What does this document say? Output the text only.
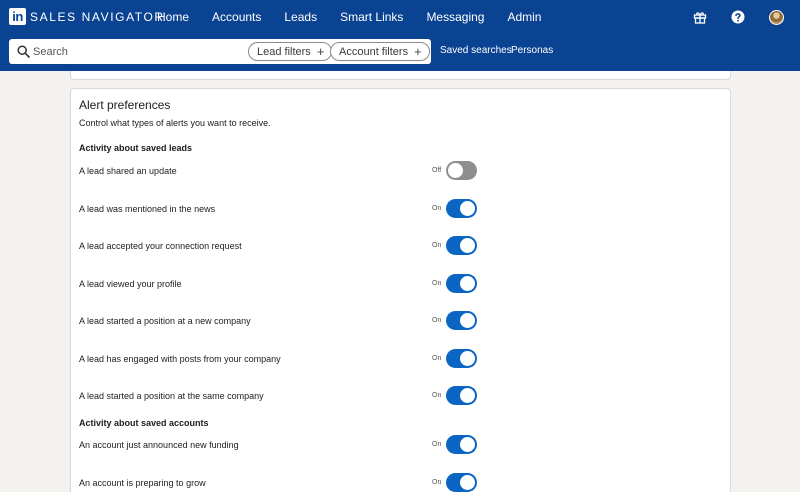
in SALES NAVIGATOR
Home Accounts Leads Smart Links Messaging Admin
Search
Lead filters + Account filters + Saved searches Personas
Alert preferences
Control what types of alerts you want to receive.
Activity about saved leads
A lead shared an update	Off
A lead was mentioned in the news	On
A lead accepted your connection request	On
A lead viewed your profile	On
A lead started a position at a new company	On
A lead has engaged with posts from your company	On
A lead started a position at the same company	On
Activity about saved accounts
An account just announced new funding	On
An account is preparing to grow	On
